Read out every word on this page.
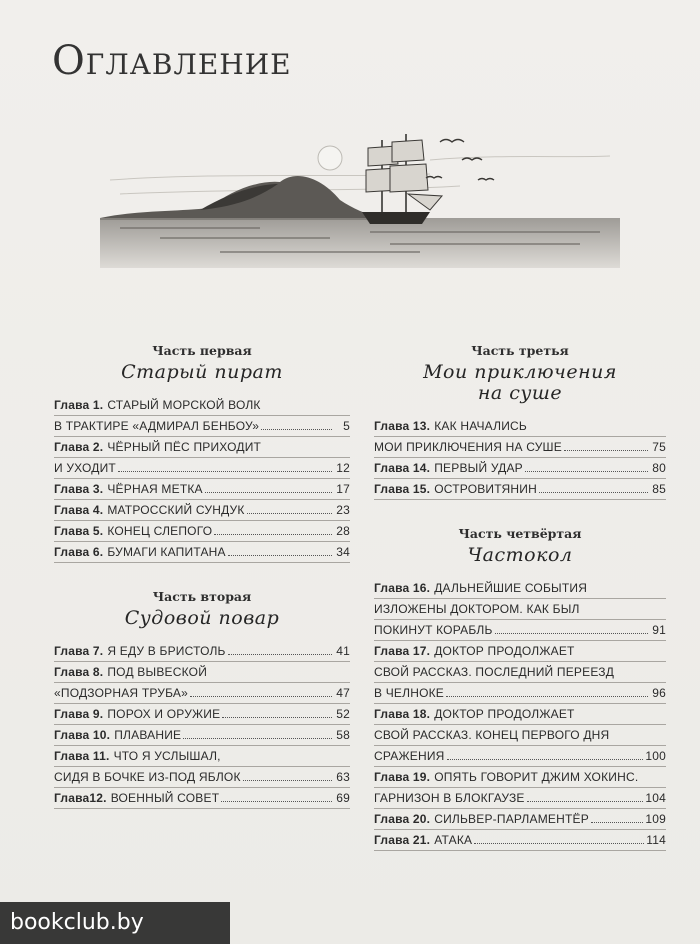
Оглавление
Часть первая
Старый пират
Глава 1. СТАРЫЙ МОРСКОЙ ВОЛК
В ТРАКТИРЕ «АДМИРАЛ БЕНБОУ»	5
Глава 2. ЧЁРНЫЙ ПЁС ПРИХОДИТ
И УХОДИТ	12
Глава 3. ЧЁРНАЯ МЕТКА	17
Глава 4. МАТРОССКИЙ СУНДУК	23
Глава 5. КОНЕЦ СЛЕПОГО	28
Глава 6. БУМАГИ КАПИТАНА	34
Часть вторая
Судовой повар
Глава 7. Я ЕДУ В БРИСТОЛЬ	41
Глава 8. ПОД ВЫВЕСКОЙ
«ПОДЗОРНАЯ ТРУБА»	47
Глава 9. ПОРОХ И ОРУЖИЕ	52
Глава 10. ПЛАВАНИЕ	58
Глава 11. ЧТО Я УСЛЫШАЛ,
СИДЯ В БОЧКЕ ИЗ-ПОД ЯБЛОК	63
Глава12. ВОЕННЫЙ СОВЕТ	69
Часть третья
Мои приключения на суше
Глава 13. КАК НАЧАЛИСЬ
МОИ ПРИКЛЮЧЕНИЯ НА СУШЕ	75
Глава 14. ПЕРВЫЙ УДАР	80
Глава 15. ОСТРОВИТЯНИН	85
Часть четвёртая
Частокол
Глава 16. ДАЛЬНЕЙШИЕ СОБЫТИЯ
ИЗЛОЖЕНЫ ДОКТОРОМ. КАК БЫЛ
ПОКИНУТ КОРАБЛЬ	91
Глава 17. ДОКТОР ПРОДОЛЖАЕТ
СВОЙ РАССКАЗ. ПОСЛЕДНИЙ ПЕРЕЕЗД
В ЧЕЛНОКЕ	96
Глава 18. ДОКТОР ПРОДОЛЖАЕТ
СВОЙ РАССКАЗ. КОНЕЦ ПЕРВОГО ДНЯ
СРАЖЕНИЯ	100
Глава 19. ОПЯТЬ ГОВОРИТ ДЖИМ ХОКИНС.
ГАРНИЗОН В БЛОКГАУЗЕ	104
Глава 20. СИЛЬВЕР-ПАРЛАМЕНТЁР	109
Глава 21. АТАКА	114
bookclub.by
